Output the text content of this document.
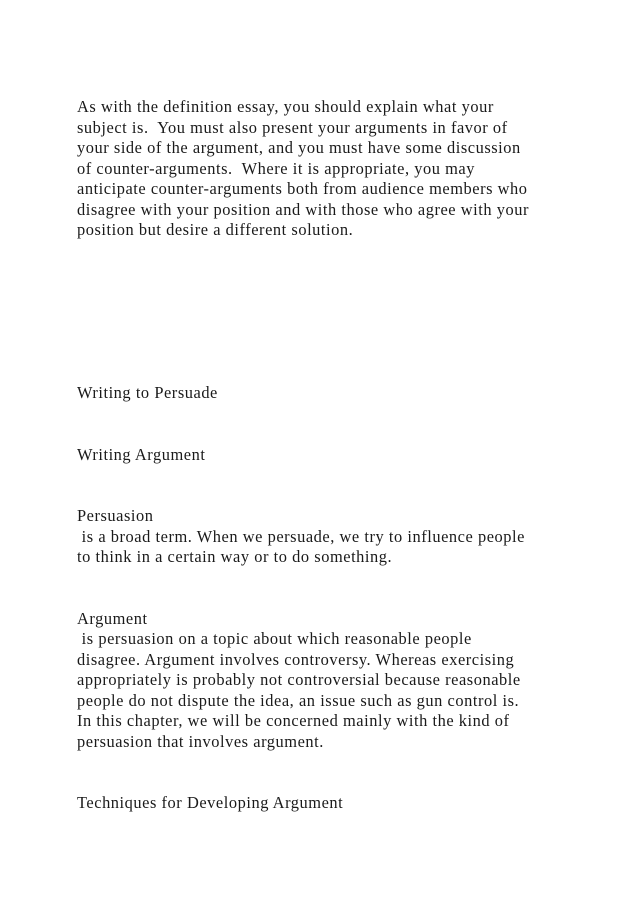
As with the definition essay, you should explain what your

subject is.  You must also present your arguments in favor of

your side of the argument, and you must have some discussion

of counter-arguments.  Where it is appropriate, you may

anticipate counter-arguments both from audience members who

disagree with your position and with those who agree with your

position but desire a different solution.

Writing to Persuade

Writing Argument

Persuasion

is a broad term. When we persuade, we try to influence people

to think in a certain way or to do something.

Argument

is persuasion on a topic about which reasonable people

disagree. Argument involves controversy. Whereas exercising

appropriately is probably not controversial because reasonable

people do not dispute the idea, an issue such as gun control is.

In this chapter, we will be concerned mainly with the kind of

persuasion that involves argument.

Techniques for Developing Argument
